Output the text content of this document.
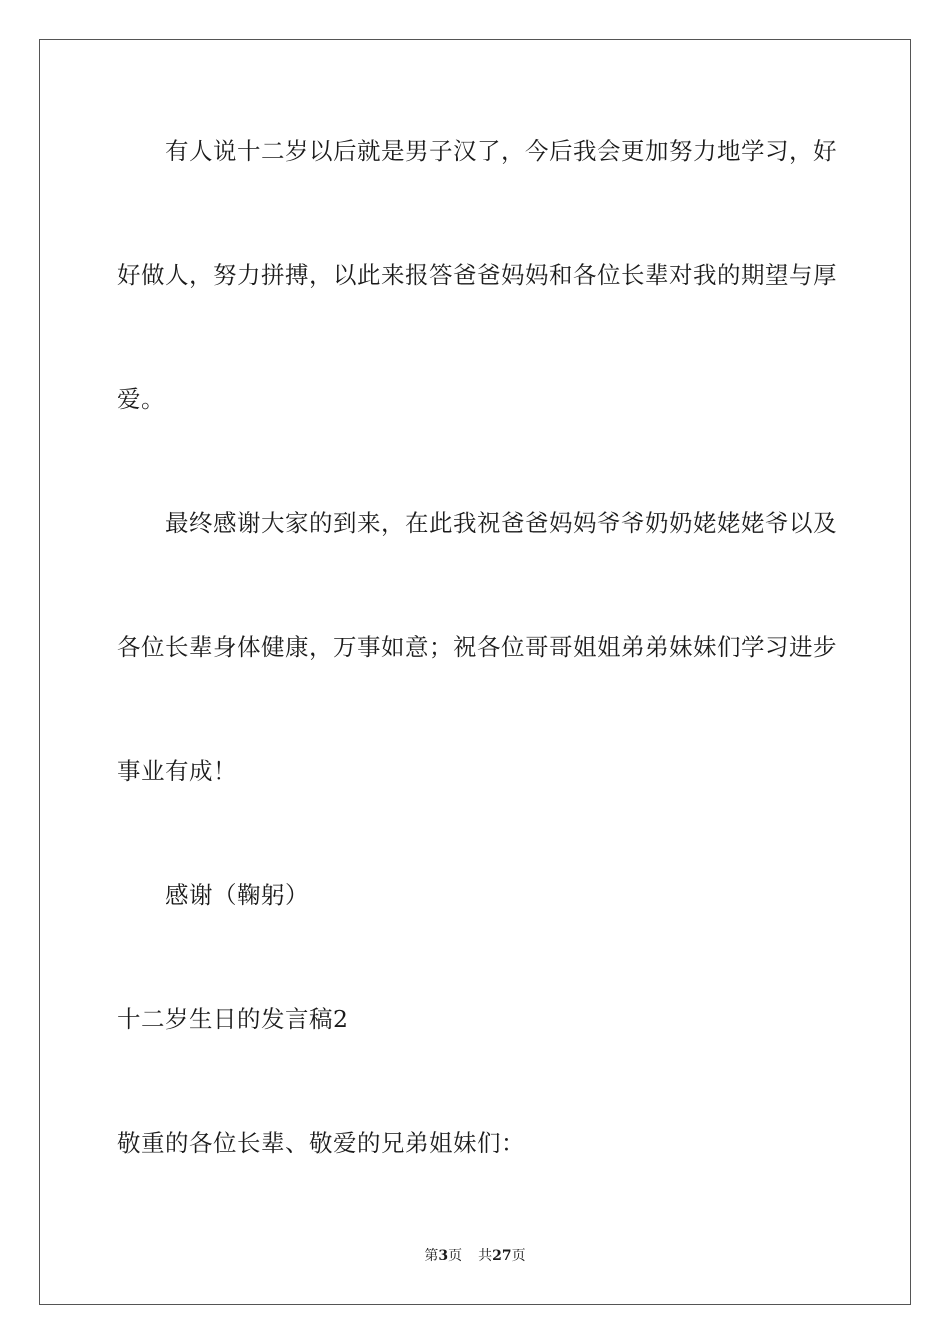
有人说十二岁以后就是男子汉了，今后我会更加努力地学习，好
好做人，努力拼搏，以此来报答爸爸妈妈和各位长辈对我的期望与厚
爱。
最终感谢大家的到来，在此我祝爸爸妈妈爷爷奶奶姥姥姥爷以及
各位长辈身体健康，万事如意；祝各位哥哥姐姐弟弟妹妹们学习进步
事业有成！
感谢（鞠躬）
十二岁生日的发言稿2
敬重的各位长辈、敬爱的兄弟姐妹们：
第3页 共27页
